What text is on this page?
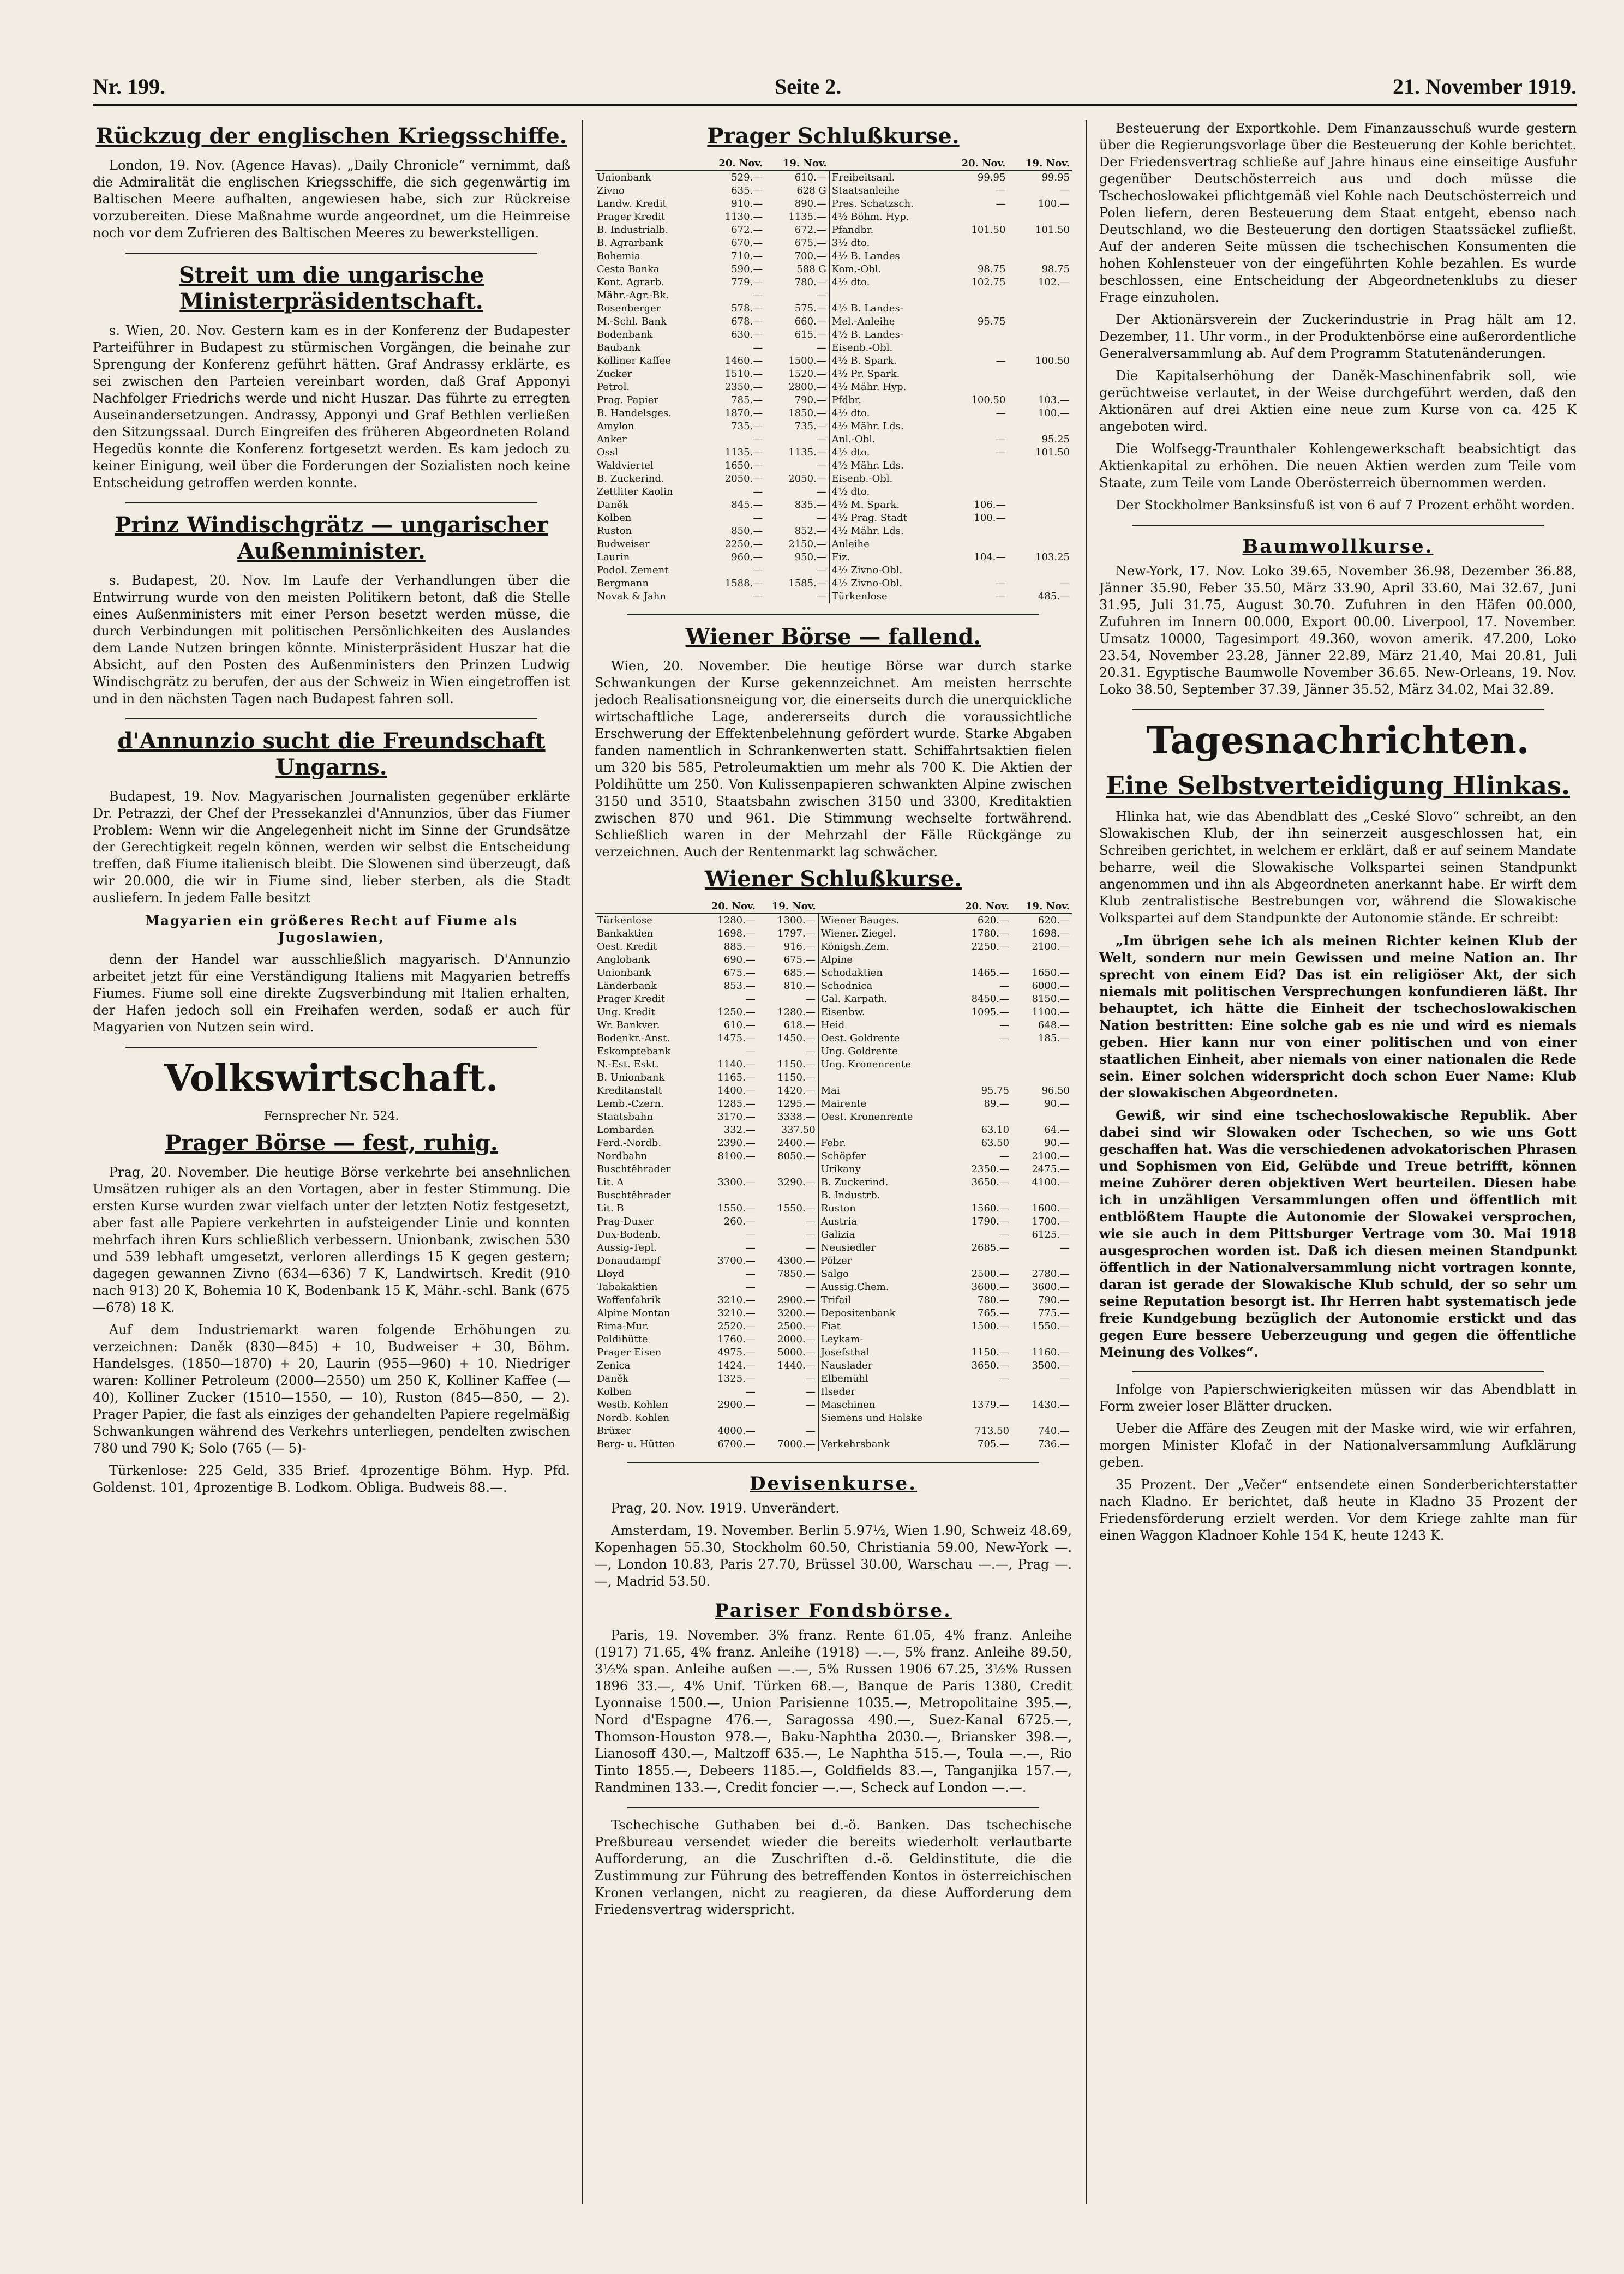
Nr. 199.	Seite 2.	21. November 1919.
Rückzug der englischen Kriegsschiffe.

London, 19. Nov. (Agence Havas). „Daily Chronicle“ vernimmt, daß die Admiralität die englischen Kriegsschiffe, die sich gegenwärtig im Baltischen Meere aufhalten, angewiesen habe, sich zur Rückreise vorzubereiten. Diese Maßnahme wurde angeordnet, um die Heimreise noch vor dem Zufrieren des Baltischen Meeres zu bewerkstelligen.

Streit um die ungarische Ministerpräsidentschaft.

s. Wien, 20. Nov. Gestern kam es in der Konferenz der Budapester Parteiführer in Budapest zu stürmischen Vorgängen, die beinahe zur Sprengung der Konferenz geführt hätten. Graf Andrassy erklärte, es sei zwischen den Parteien vereinbart worden, daß Graf Apponyi Nachfolger Friedrichs werde und nicht Huszar. Das führte zu erregten Auseinandersetzungen. Andrassy, Apponyi und Graf Bethlen verließen den Sitzungssaal. Durch Eingreifen des früheren Abgeordneten Roland Hegedüs konnte die Konferenz fortgesetzt werden. Es kam jedoch zu keiner Einigung, weil über die Forderungen der Sozialisten noch keine Entscheidung getroffen werden konnte.

Prinz Windischgrätz — ungarischer Außenminister.

s. Budapest, 20. Nov. Im Laufe der Verhandlungen über die Entwirrung wurde von den meisten Politikern betont, daß die Stelle eines Außenministers mit einer Person besetzt werden müsse, die durch Verbindungen mit politischen Persönlichkeiten des Auslandes dem Lande Nutzen bringen könnte. Ministerpräsident Huszar hat die Absicht, auf den Posten des Außenministers den Prinzen Ludwig Windischgrätz zu berufen, der aus der Schweiz in Wien eingetroffen ist und in den nächsten Tagen nach Budapest fahren soll.

d'Annunzio sucht die Freundschaft Ungarns.

Budapest, 19. Nov. Magyarischen Journalisten gegenüber erklärte Dr. Petrazzi, der Chef der Pressekanzlei d'Annunzios, über das Fiumer Problem: Wenn wir die Angelegenheit nicht im Sinne der Grundsätze der Gerechtigkeit regeln können, werden wir selbst die Entscheidung treffen, daß Fiume italienisch bleibt. Die Slowenen sind überzeugt, daß wir 20.000, die wir in Fiume sind, lieber sterben, als die Stadt ausliefern. In jedem Falle besitzt

Magyarien ein größeres Recht auf Fiume als Jugoslawien,

denn der Handel war ausschließlich magyarisch. D'Annunzio arbeitet jetzt für eine Verständigung Italiens mit Magyarien betreffs Fiumes. Fiume soll eine direkte Zugsverbindung mit Italien erhalten, der Hafen jedoch soll ein Freihafen werden, sodaß er auch für Magyarien von Nutzen sein wird.

Volkswirtschaft.
Fernsprecher Nr. 524.
Prager Börse — fest, ruhig.

Prag, 20. November. Die heutige Börse verkehrte bei ansehnlichen Umsätzen ruhiger als an den Vortagen, aber in fester Stimmung. Die ersten Kurse wurden zwar vielfach unter der letzten Notiz festgesetzt, aber fast alle Papiere verkehrten in aufsteigender Linie und konnten mehrfach ihren Kurs schließlich verbessern. Unionbank, zwischen 530 und 539 lebhaft umgesetzt, verloren allerdings 15 K gegen gestern; dagegen gewannen Zivno (634—636) 7 K, Landwirtsch. Kredit (910 nach 913) 20 K, Bohemia 10 K, Bodenbank 15 K, Mähr.-schl. Bank (675—678) 18 K.

Auf dem Industriemarkt waren folgende Erhöhungen zu verzeichnen: Daněk (830—845) + 10, Budweiser + 30, Böhm. Handelsges. (1850—1870) + 20, Laurin (955—960) + 10. Niedriger waren: Kolliner Petroleum (2000—2550) um 250 K, Kolliner Kaffee (— 40), Kolliner Zucker (1510—1550, — 10), Ruston (845—850, — 2). Prager Papier, die fast als einziges der gehandelten Papiere regelmäßig Schwankungen während des Verkehrs unterliegen, pendelten zwischen 780 und 790 K; Solo (765 (— 5)-

Türkenlose: 225 Geld, 335 Brief. 4prozentige Böhm. Hyp. Pfd. Goldenst. 101, 4prozentige B. Lodkom. Obliga. Budweis 88.—.

Prager Schlußkurse.
	20. Nov.	19. Nov.		20. Nov.	19. Nov.
Unionbank	529.—	610.—	Freibeitsanl.	99.95	99.95
Zivno	635.—	628 G	Staatsanleihe	—	—
Landw. Kredit	910.—	890.—	Pres. Schatzsch.	—	100.—
Prager Kredit	1130.—	1135.—	4½ Böhm. Hyp.		
B. Industrialb.	672.—	672.—	Pfandbr.	101.50	101.50
B. Agrarbank	670.—	675.—	3½ dto.		
Bohemia	710.—	700.—	4½ B. Landes		
Cesta Banka	590.—	588 G	Kom.-Obl.	98.75	98.75
Kont. Agrarb.	779.—	780.—	4½ dto.	102.75	102.—
Mähr.-Agr.-Bk.	—	—			
Rosenberger	578.—	575.—	4½ B. Landes-		
M.-Schl. Bank	678.—	660.—	Mel.-Anleihe	95.75	
Bodenbank	630.—	615.—	4½ B. Landes-		
Baubank	—	—	Eisenb.-Obl.		
Kolliner Kaffee	1460.—	1500.—	4½ B. Spark.	—	100.50
Zucker	1510.—	1520.—	4½ Pr. Spark.		
Petrol.	2350.—	2800.—	4½ Mähr. Hyp.		
Prag. Papier	785.—	790.—	Pfdbr.	100.50	103.—
B. Handelsges.	1870.—	1850.—	4½ dto.	—	100.—
Amylon	735.—	735.—	4½ Mähr. Lds.		
Anker	—	—	Anl.-Obl.	—	95.25
Ossl	1135.—	1135.—	4½ dto.	—	101.50
Waldviertel	1650.—	—	4½ Mähr. Lds.		
B. Zuckerind.	2050.—	2050.—	Eisenb.-Obl.		
Zettliter Kaolin	—	—	4½ dto.		
Daněk	845.—	835.—	4½ M. Spark.	106.—	
Kolben	—	—	4½ Prag. Stadt	100.—	
Ruston	850.—	852.—	4½ Mähr. Lds.		
Budweiser	2250.—	2150.—	Anleihe		
Laurin	960.—	950.—	Fiz.	104.—	103.25
Podol. Zement	—	—	4½ Zivno-Obl.		
Bergmann	1588.—	1585.—	4½ Zivno-Obl.	—	—
Novak & Jahn	—	—	Türkenlose	—	485.—
Wiener Börse — fallend.

Wien, 20. November. Die heutige Börse war durch starke Schwankungen der Kurse gekennzeichnet. Am meisten herrschte jedoch Realisationsneigung vor, die einerseits durch die unerquickliche wirtschaftliche Lage, andererseits durch die voraussichtliche Erschwerung der Effektenbelehnung gefördert wurde. Starke Abgaben fanden namentlich in Schrankenwerten statt. Schiffahrtsaktien fielen um 320 bis 585, Petroleumaktien um mehr als 700 K. Die Aktien der Poldihütte um 250. Von Kulissenpapieren schwankten Alpine zwischen 3150 und 3510, Staatsbahn zwischen 3150 und 3300, Kreditaktien zwischen 870 und 961. Die Stimmung wechselte fortwährend. Schließlich waren in der Mehrzahl der Fälle Rückgänge zu verzeichnen. Auch der Rentenmarkt lag schwächer.

Wiener Schlußkurse.
	20. Nov.	19. Nov.		20. Nov.	19. Nov.
Türkenlose	1280.—	1300.—	Wiener Bauges.	620.—	620.—
Bankaktien	1698.—	1797.—	Wiener. Ziegel.	1780.—	1698.—
Oest. Kredit	885.—	916.—	Königsh.Zem.	2250.—	2100.—
Anglobank	690.—	675.—	Alpine		
Unionbank	675.—	685.—	Schodaktien	1465.—	1650.—
Länderbank	853.—	810.—	Schodnica	—	6000.—
Prager Kredit	—	—	Gal. Karpath.	8450.—	8150.—
Ung. Kredit	1250.—	1280.—	Eisenbw.	1095.—	1100.—
Wr. Bankver.	610.—	618.—	Heid	—	648.—
Bodenkr.-Anst.	1475.—	1450.—	Oest. Goldrente	—	185.—
Eskomptebank	—	—	Ung. Goldrente		
N.-Est. Eskt.	1140.—	1150.—	Ung. Kronenrente		
B. Unionbank	1165.—	1150.—			
Kreditanstalt	1400.—	1420.—	Mai	95.75	96.50
Lemb.-Czern.	1285.—	1295.—	Mairente	89.—	90.—
Staatsbahn	3170.—	3338.—	Oest. Kronenrente		
Lombarden	332.—	337.50		63.10	64.—
Ferd.-Nordb.	2390.—	2400.—	Febr.	63.50	90.—
Nordbahn	8100.—	8050.—	Schöpfer	—	2100.—
Buschtěhrader			Urikany	2350.—	2475.—
Lit. A	3300.—	3290.—	B. Zuckerind.	3650.—	4100.—
Buschtěhrader			B. Industrb.		
Lit. B	1550.—	1550.—	Ruston	1560.—	1600.—
Prag-Duxer	260.—	—	Austria	1790.—	1700.—
Dux-Bodenb.	—	—	Galizia	—	6125.—
Aussig-Tepl.	—	—	Neusiedler	2685.—	—
Donaudampf	3700.—	4300.—	Pölzer		
Lloyd	—	7850.—	Salgo	2500.—	2780.—
Tabakaktien	—	—	Aussig.Chem.	3600.—	3600.—
Waffenfabrik	3210.—	2900.—	Trifail	780.—	790.—
Alpine Montan	3210.—	3200.—	Depositenbank	765.—	775.—
Rima-Mur.	2520.—	2500.—	Fiat	1500.—	1550.—
Poldihütte	1760.—	2000.—	Leykam-		
Prager Eisen	4975.—	5000.—	Josefsthal	1150.—	1160.—
Zenica	1424.—	1440.—	Nauslader	3650.—	3500.—
Daněk	1325.—	—	Elbemühl	—	—
Kolben	—	—	Ilseder		
Westb. Kohlen	2900.—	—	Maschinen	1379.—	1430.—
Nordb. Kohlen			Siemens und Halske		
Brüxer	4000.—	—		713.50	740.—
Berg- u. Hütten	6700.—	7000.—	Verkehrsbank	705.—	736.—
Devisenkurse.

Prag, 20. Nov. 1919. Unverändert.

Amsterdam, 19. November. Berlin 5.97½, Wien 1.90, Schweiz 48.69, Kopenhagen 55.30, Stockholm 60.50, Christiania 59.00, New-York —.—, London 10.83, Paris 27.70, Brüssel 30.00, Warschau —.—, Prag —.—, Madrid 53.50.

Pariser Fondsbörse.

Paris, 19. November. 3% franz. Rente 61.05, 4% franz. Anleihe (1917) 71.65, 4% franz. Anleihe (1918) —.—, 5% franz. Anleihe 89.50, 3½% span. Anleihe außen —.—, 5% Russen 1906 67.25, 3½% Russen 1896 33.—, 4% Unif. Türken 68.—, Banque de Paris 1380, Credit Lyonnaise 1500.—, Union Parisienne 1035.—, Metropolitaine 395.—, Nord d'Espagne 476.—, Saragossa 490.—, Suez-Kanal 6725.—, Thomson-Houston 978.—, Baku-Naphtha 2030.—, Briansker 398.—, Lianosoff 430.—, Maltzoff 635.—, Le Naphtha 515.—, Toula —.—, Rio Tinto 1855.—, Debeers 1185.—, Goldfields 83.—, Tanganjika 157.—, Randminen 133.—, Credit foncier —.—, Scheck auf London —.—.

Tschechische Guthaben bei d.-ö. Banken. Das tschechische Preßbureau versendet wieder die bereits wiederholt verlautbarte Aufforderung, an die Zuschriften d.-ö. Geldinstitute, die die Zustimmung zur Führung des betreffenden Kontos in österreichischen Kronen verlangen, nicht zu reagieren, da diese Aufforderung dem Friedensvertrag widerspricht.

Besteuerung der Exportkohle. Dem Finanzausschuß wurde gestern über die Regierungsvorlage über die Besteuerung der Kohle berichtet. Der Friedensvertrag schließe auf Jahre hinaus eine einseitige Ausfuhr gegenüber Deutschösterreich aus und doch müsse die Tschechoslowakei pflichtgemäß viel Kohle nach Deutschösterreich und Polen liefern, deren Besteuerung dem Staat entgeht, ebenso nach Deutschland, wo die Besteuerung den dortigen Staatssäckel zufließt. Auf der anderen Seite müssen die tschechischen Konsumenten die hohen Kohlensteuer von der eingeführten Kohle bezahlen. Es wurde beschlossen, eine Entscheidung der Abgeordnetenklubs zu dieser Frage einzuholen.

Der Aktionärsverein der Zuckerindustrie in Prag hält am 12. Dezember, 11. Uhr vorm., in der Produktenbörse eine außerordentliche Generalversammlung ab. Auf dem Programm Statutenänderungen.

Die Kapitalserhöhung der Daněk-Maschinenfabrik soll, wie gerüchtweise verlautet, in der Weise durchgeführt werden, daß den Aktionären auf drei Aktien eine neue zum Kurse von ca. 425 K angeboten wird.

Die Wolfsegg-Traunthaler Kohlengewerkschaft beabsichtigt das Aktienkapital zu erhöhen. Die neuen Aktien werden zum Teile vom Staate, zum Teile vom Lande Oberösterreich übernommen werden.

Der Stockholmer Banksinsfuß ist von 6 auf 7 Prozent erhöht worden.

Baumwollkurse.

New-York, 17. Nov. Loko 39.65, November 36.98, Dezember 36.88, Jänner 35.90, Feber 35.50, März 33.90, April 33.60, Mai 32.67, Juni 31.95, Juli 31.75, August 30.70. Zufuhren in den Häfen 00.000, Zufuhren im Innern 00.000, Export 00.00. Liverpool, 17. November. Umsatz 10000, Tagesimport 49.360, wovon amerik. 47.200, Loko 23.54, November 23.28, Jänner 22.89, März 21.40, Mai 20.81, Juli 20.31. Egyptische Baumwolle November 36.65. New-Orleans, 19. Nov. Loko 38.50, September 37.39, Jänner 35.52, März 34.02, Mai 32.89.

Tagesnachrichten.
Eine Selbstverteidigung Hlinkas.

Hlinka hat, wie das Abendblatt des „Ceské Slovo“ schreibt, an den Slowakischen Klub, der ihn seinerzeit ausgeschlossen hat, ein Schreiben gerichtet, in welchem er erklärt, daß er auf seinem Mandate beharre, weil die Slowakische Volkspartei seinen Standpunkt angenommen und ihn als Abgeordneten anerkannt habe. Er wirft dem Klub zentralistische Bestrebungen vor, während die Slowakische Volkspartei auf dem Standpunkte der Autonomie stände. Er schreibt:

„Im übrigen sehe ich als meinen Richter keinen Klub der Welt, sondern nur mein Gewissen und meine Nation an. Ihr sprecht von einem Eid? Das ist ein religiöser Akt, der sich niemals mit politischen Versprechungen konfundieren läßt. Ihr behauptet, ich hätte die Einheit der tschechoslowakischen Nation bestritten: Eine solche gab es nie und wird es niemals geben. Hier kann nur von einer politischen und von einer staatlichen Einheit, aber niemals von einer nationalen die Rede sein. Einer solchen widerspricht doch schon Euer Name: Klub der slowakischen Abgeordneten.

Gewiß, wir sind eine tschechoslowakische Republik. Aber dabei sind wir Slowaken oder Tschechen, so wie uns Gott geschaffen hat. Was die verschiedenen advokatorischen Phrasen und Sophismen von Eid, Gelübde und Treue betrifft, können meine Zuhörer deren objektiven Wert beurteilen. Diesen habe ich in unzähligen Versammlungen offen und öffentlich mit entblößtem Haupte die Autonomie der Slowakei versprochen, wie sie auch in dem Pittsburger Vertrage vom 30. Mai 1918 ausgesprochen worden ist. Daß ich diesen meinen Standpunkt öffentlich in der Nationalversammlung nicht vortragen konnte, daran ist gerade der Slowakische Klub schuld, der so sehr um seine Reputation besorgt ist. Ihr Herren habt systematisch jede freie Kundgebung bezüglich der Autonomie erstickt und das gegen Eure bessere Ueberzeugung und gegen die öffentliche Meinung des Volkes“.

Infolge von Papierschwierigkeiten müssen wir das Abendblatt in Form zweier loser Blätter drucken.

Ueber die Affäre des Zeugen mit der Maske wird, wie wir erfahren, morgen Minister Klofač in der Nationalversammlung Aufklärung geben.

35 Prozent. Der „Večer“ entsendete einen Sonderberichterstatter nach Kladno. Er berichtet, daß heute in Kladno 35 Prozent der Friedensförderung erzielt werden. Vor dem Kriege zahlte man für einen Waggon Kladnoer Kohle 154 K, heute 1243 K.
